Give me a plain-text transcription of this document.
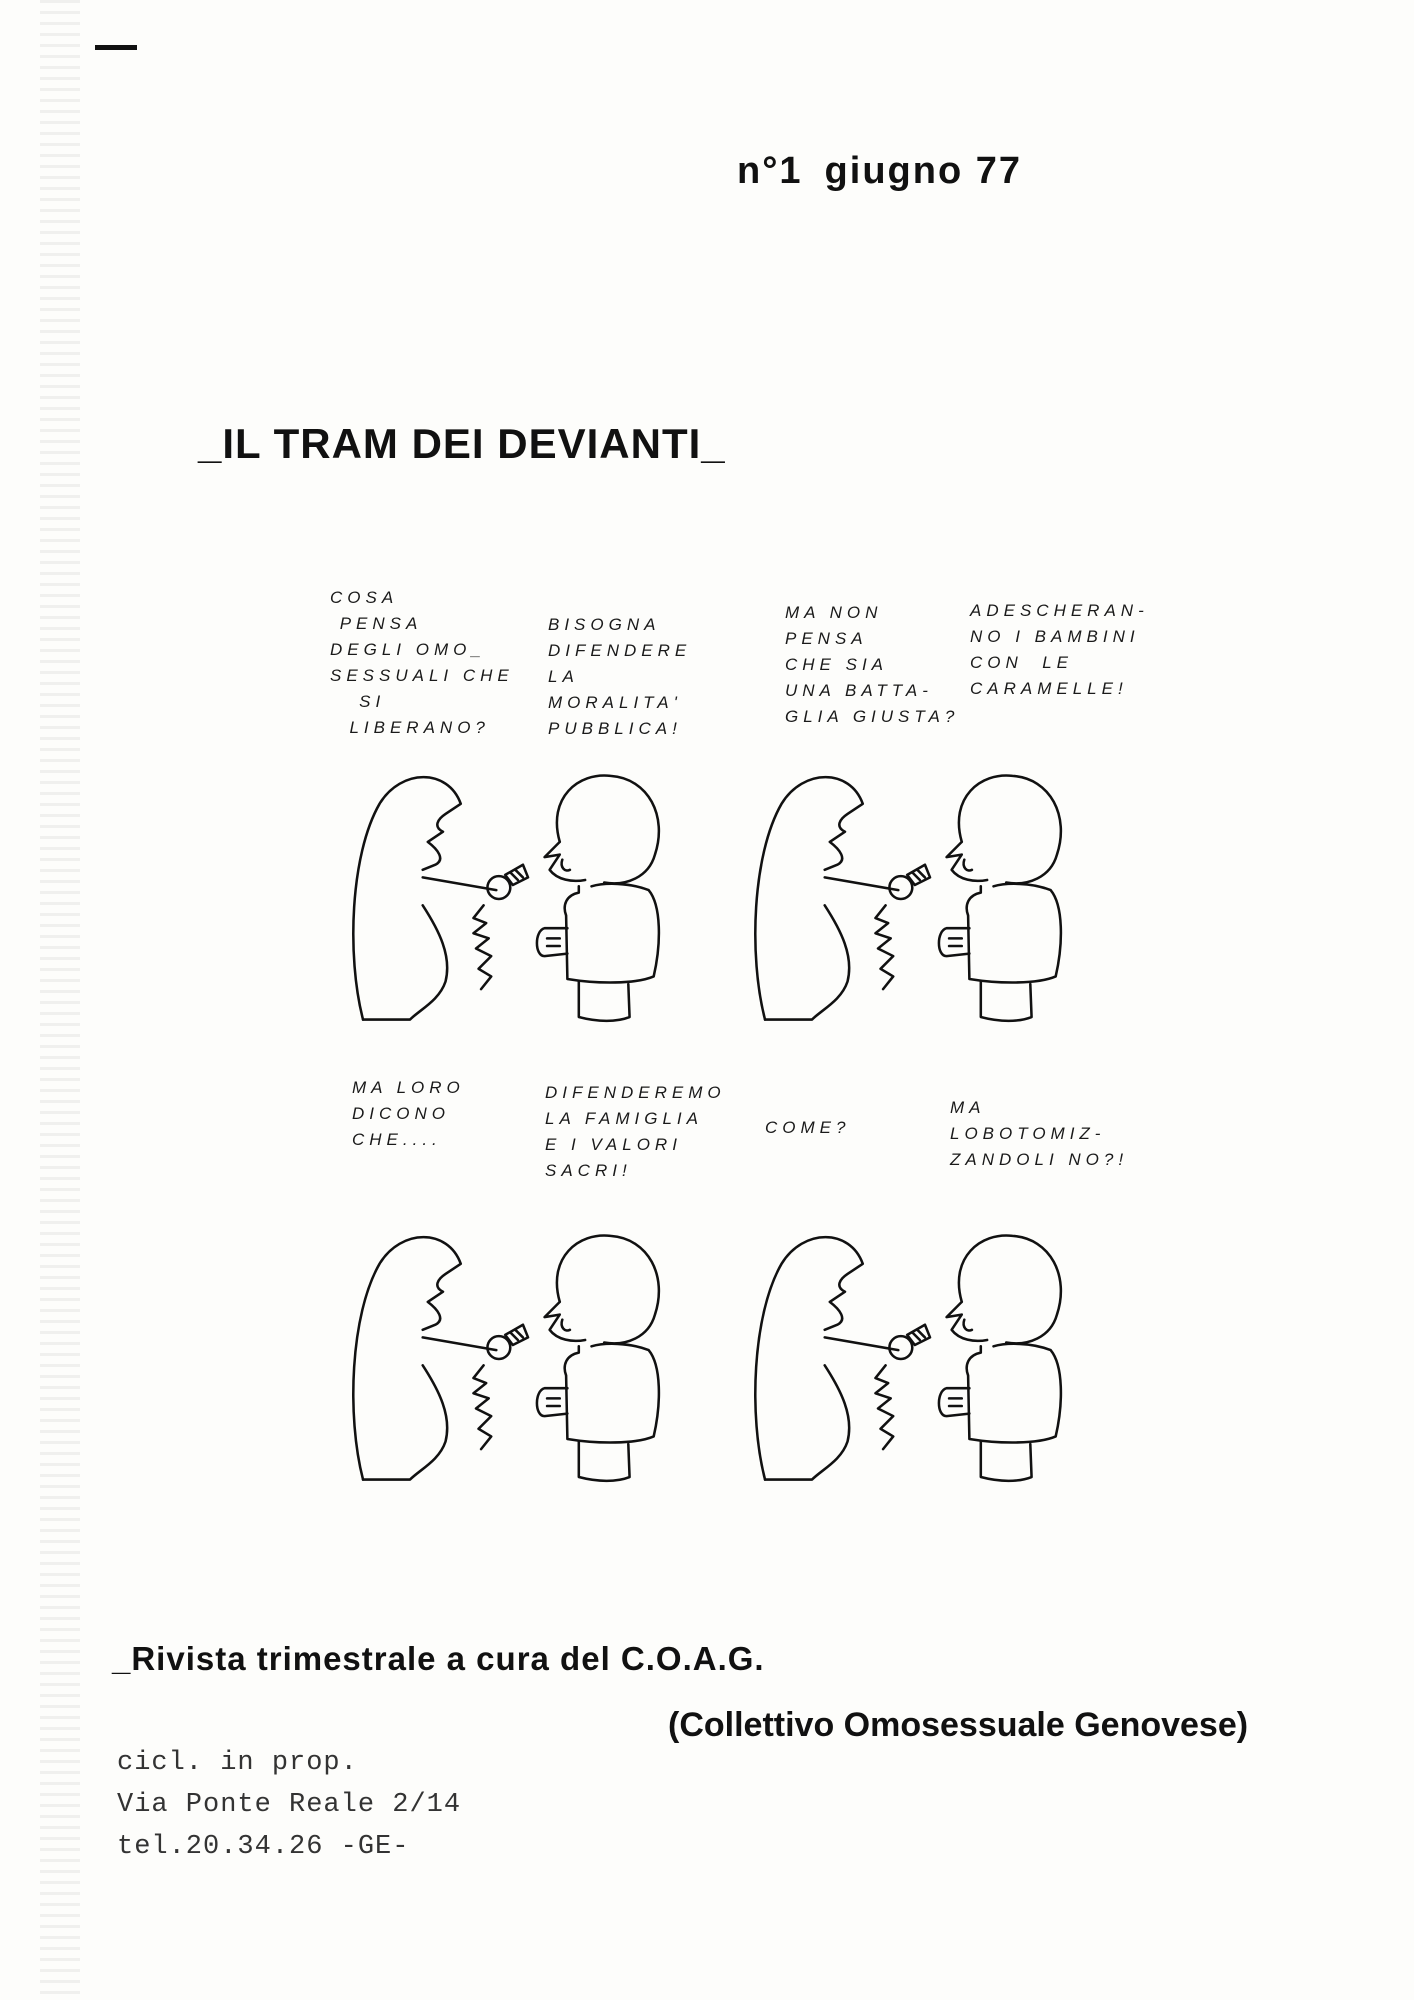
n°1 giugno 77
_IL TRAM DEI DEVIANTI_
COSA
PENSA
DEGLI OMO_
SESSUALI CHE
SI
LIBERANO?
BISOGNA
DIFENDERE
LA
MORALITA'
PUBBLICA!
MA NON
PENSA
CHE SIA
UNA BATTA-
GLIA GIUSTA?
ADESCHERAN-
NO I BAMBINI
CON  LE
CARAMELLE!
MA LORO
DICONO
CHE....
DIFENDEREMO
LA FAMIGLIA
E I VALORI
SACRI!
COME?
MA
LOBOTOMIZ-
ZANDOLI NO?!
_Rivista trimestrale a cura del C.O.A.G.
(Collettivo Omosessuale Genovese)
cicl. in prop.
Via Ponte Reale 2/14
tel.20.34.26 -GE-
